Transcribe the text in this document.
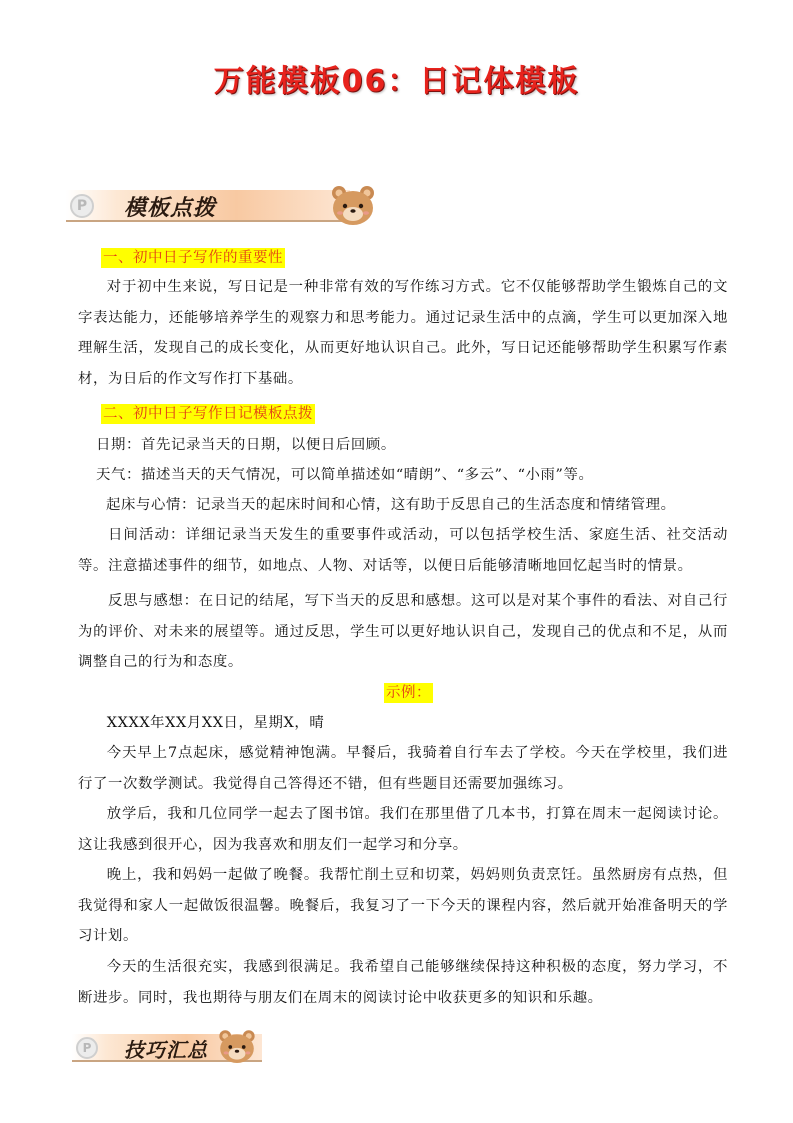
万能模板06：日记体模板
P	模板点拨
一、初中日子写作的重要性

对于初中生来说，写日记是一种非常有效的写作练习方式。它不仅能够帮助学生锻炼自己的文字表达能力，还能够培养学生的观察力和思考能力。通过记录生活中的点滴，学生可以更加深入地理解生活，发现自己的成长变化，从而更好地认识自己。此外，写日记还能够帮助学生积累写作素材，为日后的作文写作打下基础。

二、初中日子写作日记模板点拨

日期：首先记录当天的日期，以便日后回顾。

天气：描述当天的天气情况，可以简单描述如“晴朗”、“多云”、“小雨”等。

起床与心情：记录当天的起床时间和心情，这有助于反思自己的生活态度和情绪管理。

日间活动：详细记录当天发生的重要事件或活动，可以包括学校生活、家庭生活、社交活动等。注意描述事件的细节，如地点、人物、对话等，以便日后能够清晰地回忆起当时的情景。

反思与感想：在日记的结尾，写下当天的反思和感想。这可以是对某个事件的看法、对自己行为的评价、对未来的展望等。通过反思，学生可以更好地认识自己，发现自己的优点和不足，从而调整自己的行为和态度。

示例：

XXXX年XX月XX日，星期X，晴

今天早上7点起床，感觉精神饱满。早餐后，我骑着自行车去了学校。今天在学校里，我们进行了一次数学测试。我觉得自己答得还不错，但有些题目还需要加强练习。

放学后，我和几位同学一起去了图书馆。我们在那里借了几本书，打算在周末一起阅读讨论。这让我感到很开心，因为我喜欢和朋友们一起学习和分享。

晚上，我和妈妈一起做了晚餐。我帮忙削土豆和切菜，妈妈则负责烹饪。虽然厨房有点热，但我觉得和家人一起做饭很温馨。晚餐后，我复习了一下今天的课程内容，然后就开始准备明天的学习计划。

今天的生活很充实，我感到很满足。我希望自己能够继续保持这种积极的态度，努力学习，不断进步。同时，我也期待与朋友们在周末的阅读讨论中收获更多的知识和乐趣。

P	技巧汇总
